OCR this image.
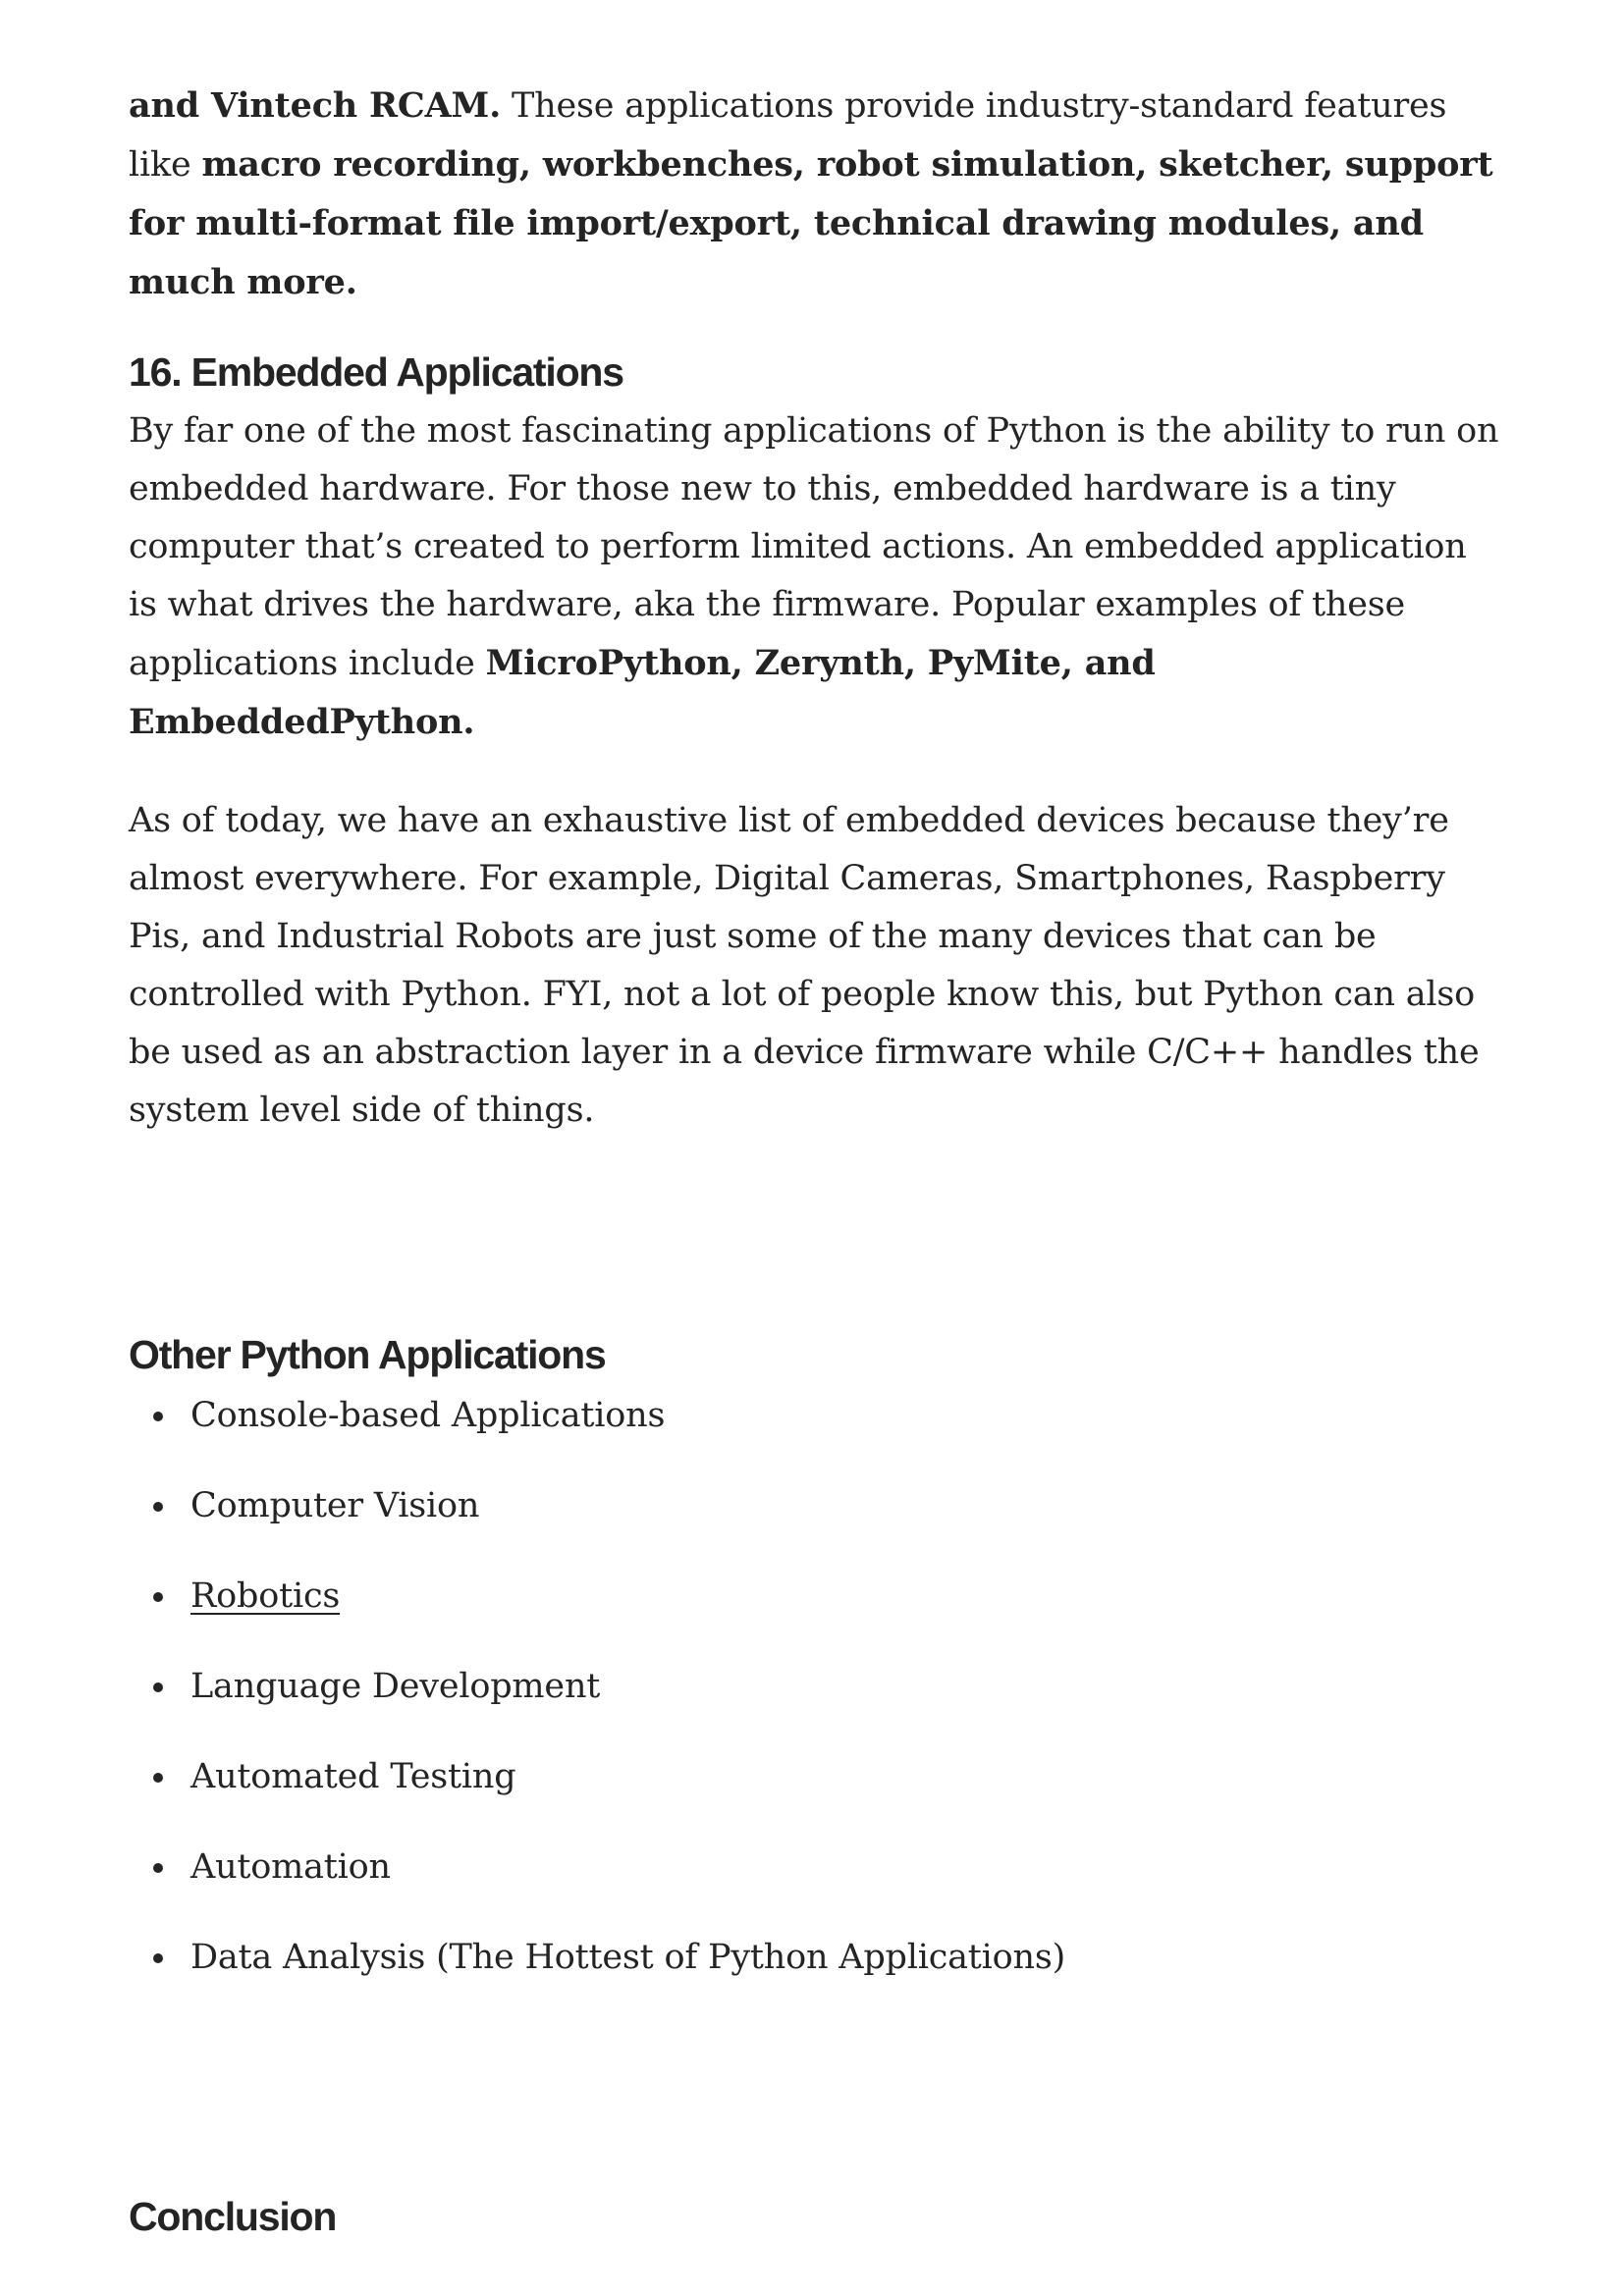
and Vintech RCAM. These applications provide industry-standard features like macro recording, workbenches, robot simulation, sketcher, support for multi-format file import/export, technical drawing modules, and much more.

16. Embedded Applications

By far one of the most fascinating applications of Python is the ability to run on embedded hardware. For those new to this, embedded hardware is a tiny computer that’s created to perform limited actions. An embedded application is what drives the hardware, aka the firmware. Popular examples of these applications include MicroPython, Zerynth, PyMite, and EmbeddedPython.

As of today, we have an exhaustive list of embedded devices because they’re almost everywhere. For example, Digital Cameras, Smartphones, Raspberry Pis, and Industrial Robots are just some of the many devices that can be controlled with Python. FYI, not a lot of people know this, but Python can also be used as an abstraction layer in a device firmware while C/C++ handles the system level side of things.

Other Python Applications
Console-based Applications
Computer Vision
Robotics
Language Development
Automated Testing
Automation
Data Analysis (The Hottest of Python Applications)
Conclusion
